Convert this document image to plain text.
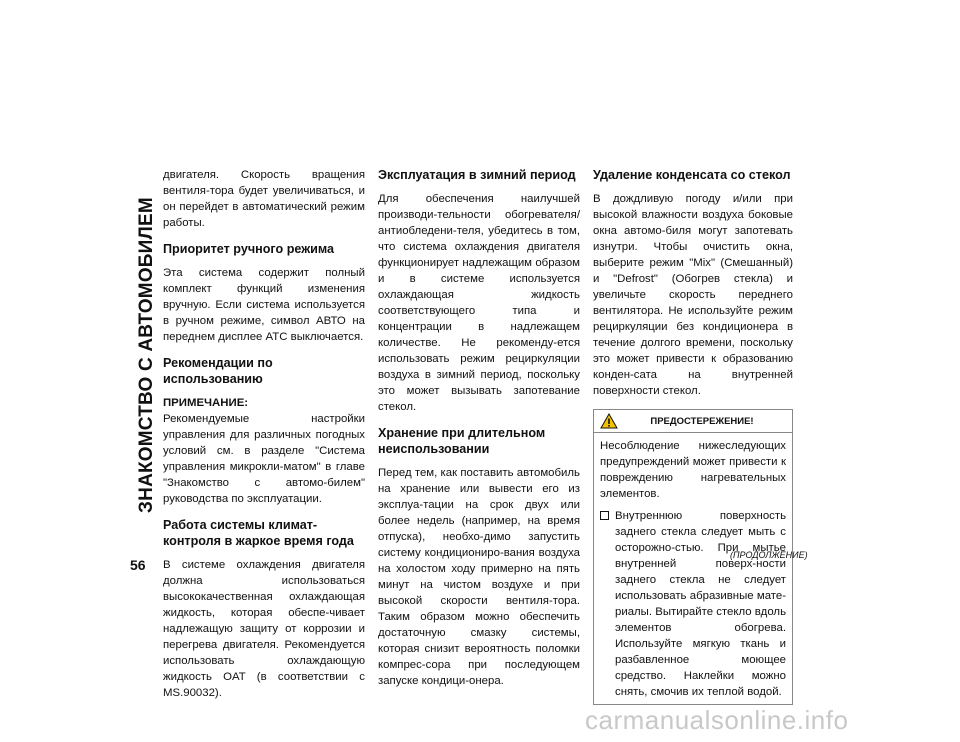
ЗНАКОМСТВО С АВТОМОБИЛЕМ
56

двигателя. Скорость вращения вентиля-тора будет увеличиваться, и он перейдет в автоматический режим работы.

Приоритет ручного режима

Эта система содержит полный комплект функций изменения вручную. Если система используется в ручном режиме, символ АВТО на переднем дисплее ATC выключается.

Рекомендации по использованию
ПРИМЕЧАНИЕ:

Рекомендуемые настройки управления для различных погодных условий см. в разделе "Система управления микрокли-матом" в главе "Знакомство с автомо-билем" руководства по эксплуатации.

Работа системы климат-контроля в жаркое время года

В системе охлаждения двигателя должна использоваться высококачественная охлаждающая жидкость, которая обеспе-чивает надлежащую защиту от коррозии и перегрева двигателя. Рекомендуется использовать охлаждающую жидкость OAT (в соответствии с MS.90032).

Эксплуатация в зимний период

Для обеспечения наилучшей производи-тельности обогревателя/антиобледени-теля, убедитесь в том, что система охлаждения двигателя функционирует надлежащим образом и в системе используется охлаждающая жидкость соответствующего типа и концентрации в надлежащем количестве. Не рекоменду-ется использовать режим рециркуляции воздуха в зимний период, поскольку это может вызывать запотевание стекол.

Хранение при длительном неиспользовании

Перед тем, как поставить автомобиль на хранение или вывести его из эксплуа-тации на срок двух или более недель (например, на время отпуска), необхо-димо запустить систему кондициониро-вания воздуха на холостом ходу примерно на пять минут на чистом воздухе и при высокой скорости вентиля-тора. Таким образом можно обеспечить достаточную смазку системы, которая снизит вероятность поломки компрес-сора при последующем запуске кондици-онера.

Удаление конденсата со стекол

В дождливую погоду и/или при высокой влажности воздуха боковые окна автомо-биля могут запотевать изнутри. Чтобы очистить окна, выберите режим "Mix" (Смешанный) и "Defrost" (Обогрев стекла) и увеличьте скорость переднего вентилятора. Не используйте режим рециркуляции без кондиционера в течение долгого времени, поскольку это может привести к образованию конден-сата на внутренней поверхности стекол.

ПРЕДОСТЕРЕЖЕНИЕ!

Несоблюдение нижеследующих предупреждений может привести к повреждению нагревательных элементов.

Внутреннюю поверхность заднего стекла следует мыть с осторожно-стью. При мытье внутренней поверх-ности заднего стекла не следует использовать абразивные мате-риалы. Вытирайте стекло вдоль элементов обогрева. Используйте мягкую ткань и разбавленное моющее средство. Наклейки можно снять, смочив их теплой водой.

(ПРОДОЛЖЕНИЕ)
carmanualsonline.info
